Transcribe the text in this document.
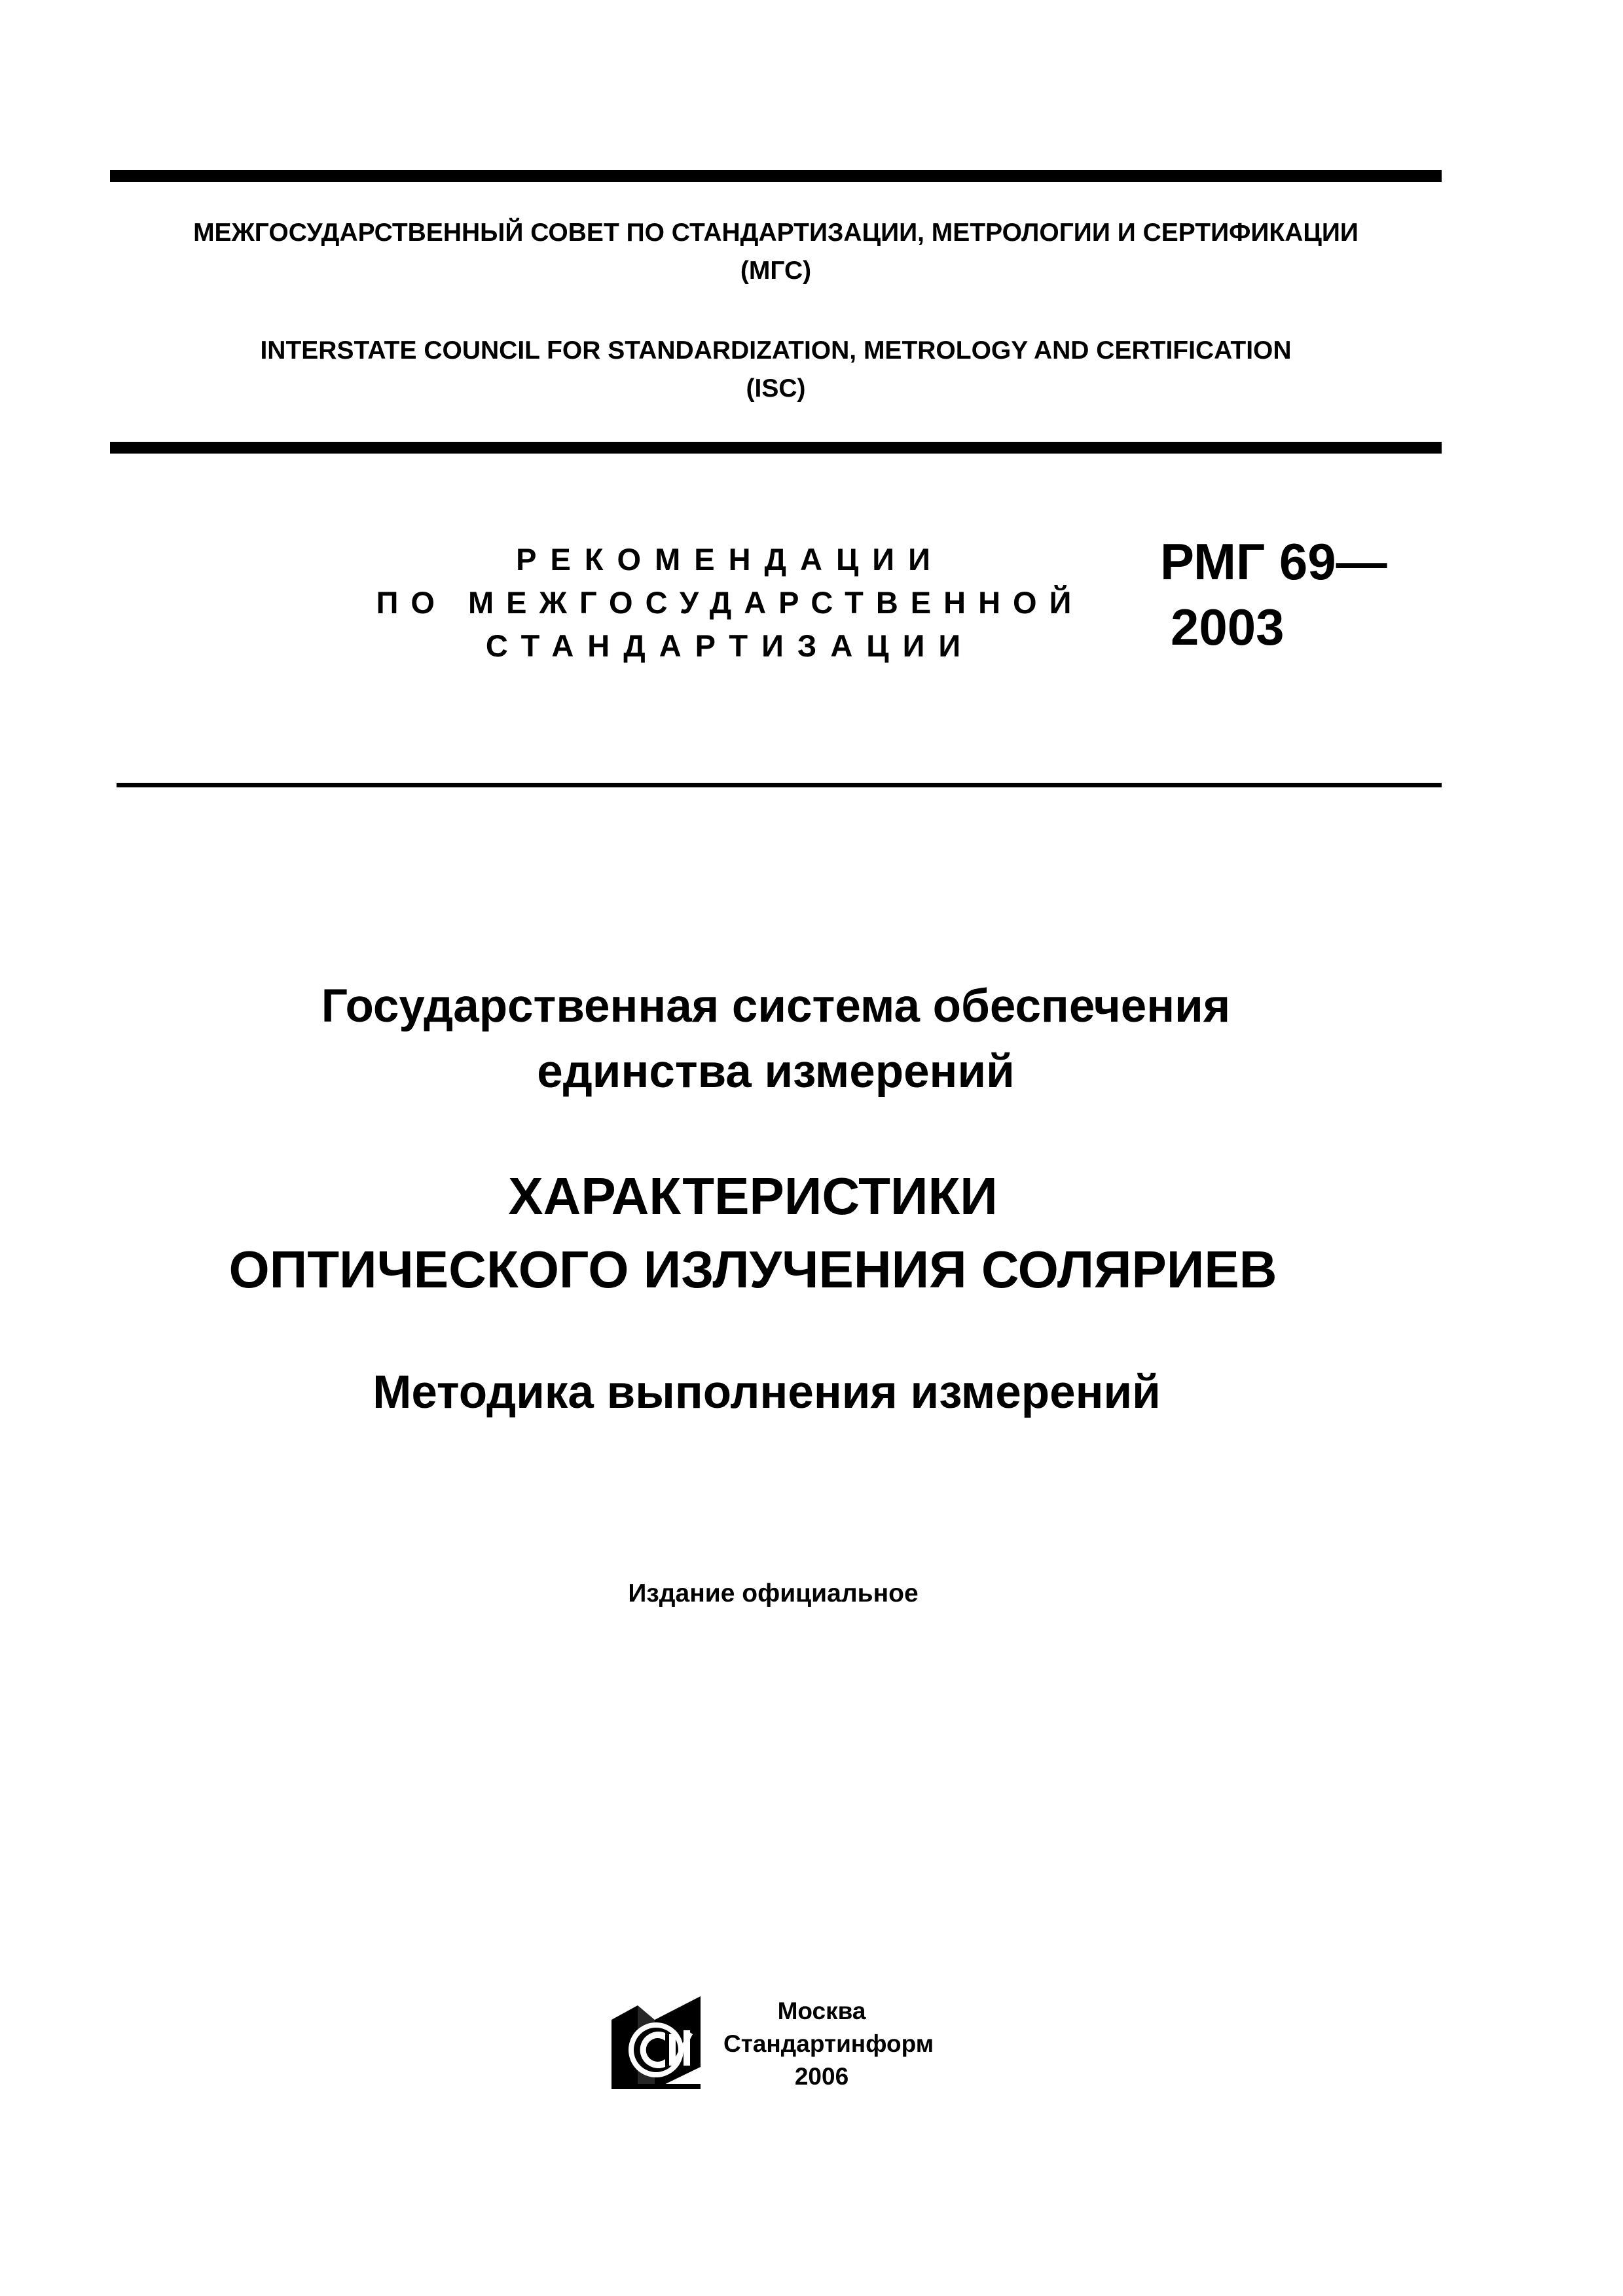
МЕЖГОСУДАРСТВЕННЫЙ СОВЕТ ПО СТАНДАРТИЗАЦИИ, МЕТРОЛОГИИ И СЕРТИФИКАЦИИ
(МГС)
INTERSTATE COUNCIL FOR STANDARDIZATION, METROLOGY AND CERTIFICATION
(ISC)
РЕКОМЕНДАЦИИ
ПО МЕЖГОСУДАРСТВЕННОЙ
СТАНДАРТИЗАЦИИ
РМГ 69—
2003
Государственная система обеспечения
единства измерений
ХАРАКТЕРИСТИКИ
ОПТИЧЕСКОГО ИЗЛУЧЕНИЯ СОЛЯРИЕВ
Методика выполнения измерений
Издание официальное
Москва
Стандартинформ
2006
